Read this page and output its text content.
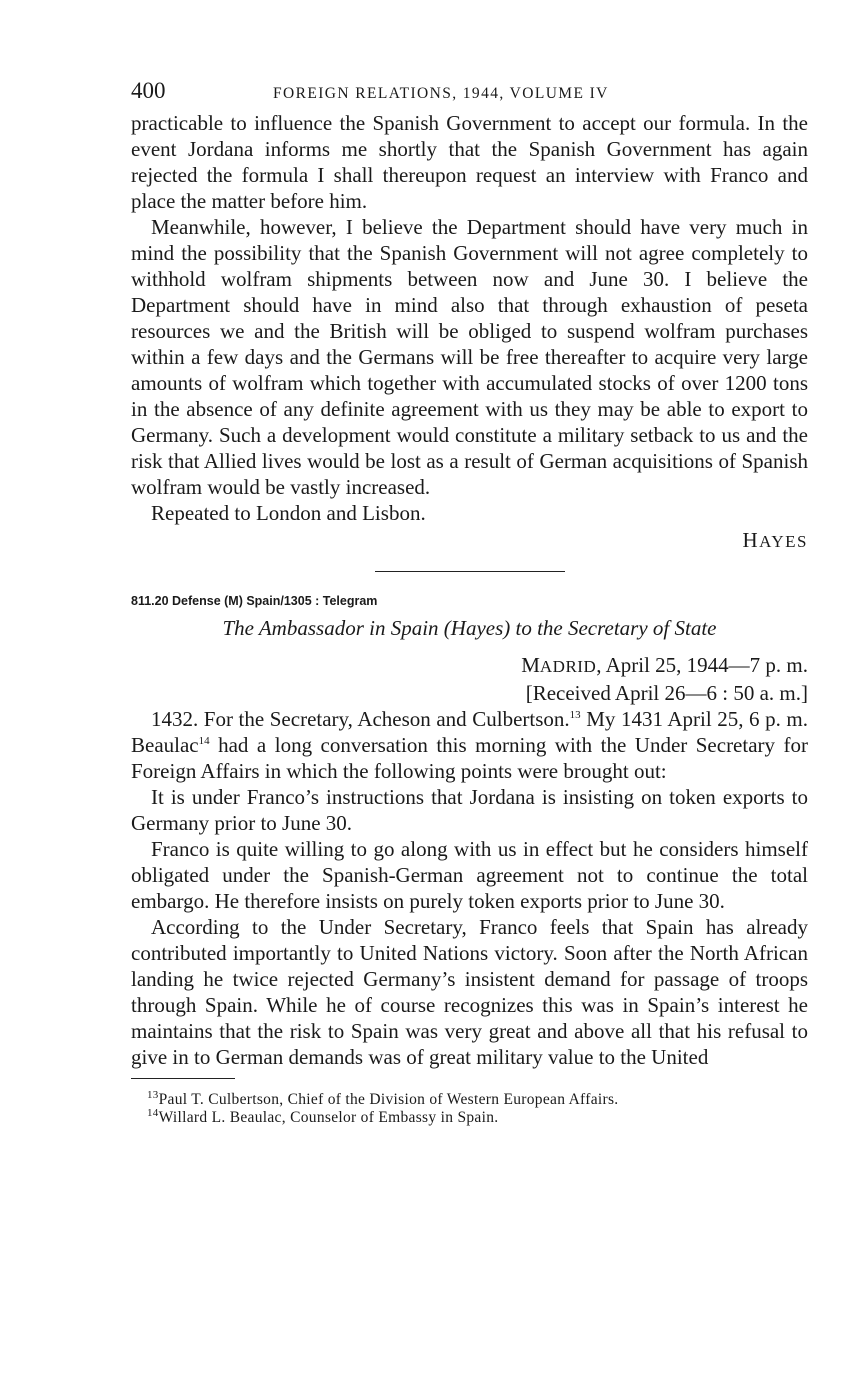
400	FOREIGN RELATIONS, 1944, VOLUME IV

practicable to influence the Spanish Government to accept our formula. In the event Jordana informs me shortly that the Spanish Government has again rejected the formula I shall thereupon request an interview with Franco and place the matter before him.

Meanwhile, however, I believe the Department should have very much in mind the possibility that the Spanish Government will not agree completely to withhold wolfram shipments between now and June 30. I believe the Department should have in mind also that through exhaustion of peseta resources we and the British will be obliged to suspend wolfram purchases within a few days and the Germans will be free thereafter to acquire very large amounts of wolfram which together with accumulated stocks of over 1200 tons in the absence of any definite agreement with us they may be able to export to Germany. Such a development would constitute a military setback to us and the risk that Allied lives would be lost as a result of German acquisitions of Spanish wolfram would be vastly increased.

Repeated to London and Lisbon.

HAYES
811.20 Defense (M) Spain/1305 : Telegram
The Ambassador in Spain (Hayes) to the Secretary of State
MADRID, April 25, 1944—7 p. m.
[Received April 26—6 : 50 a. m.]

1432. For the Secretary, Acheson and Culbertson.$^{13}$ My 1431 April 25, 6 p. m. Beaulac$^{14}$ had a long conversation this morning with the Under Secretary for Foreign Affairs in which the following points were brought out:

It is under Franco’s instructions that Jordana is insisting on token exports to Germany prior to June 30.

Franco is quite willing to go along with us in effect but he considers himself obligated under the Spanish-German agreement not to continue the total embargo. He therefore insists on purely token exports prior to June 30.

According to the Under Secretary, Franco feels that Spain has already contributed importantly to United Nations victory. Soon after the North African landing he twice rejected Germany’s insistent demand for passage of troops through Spain. While he of course recognizes this was in Spain’s interest he maintains that the risk to Spain was very great and above all that his refusal to give in to German demands was of great military value to the United

$^{13}$Paul T. Culbertson, Chief of the Division of Western European Affairs.
$^{14}$Willard L. Beaulac, Counselor of Embassy in Spain.
